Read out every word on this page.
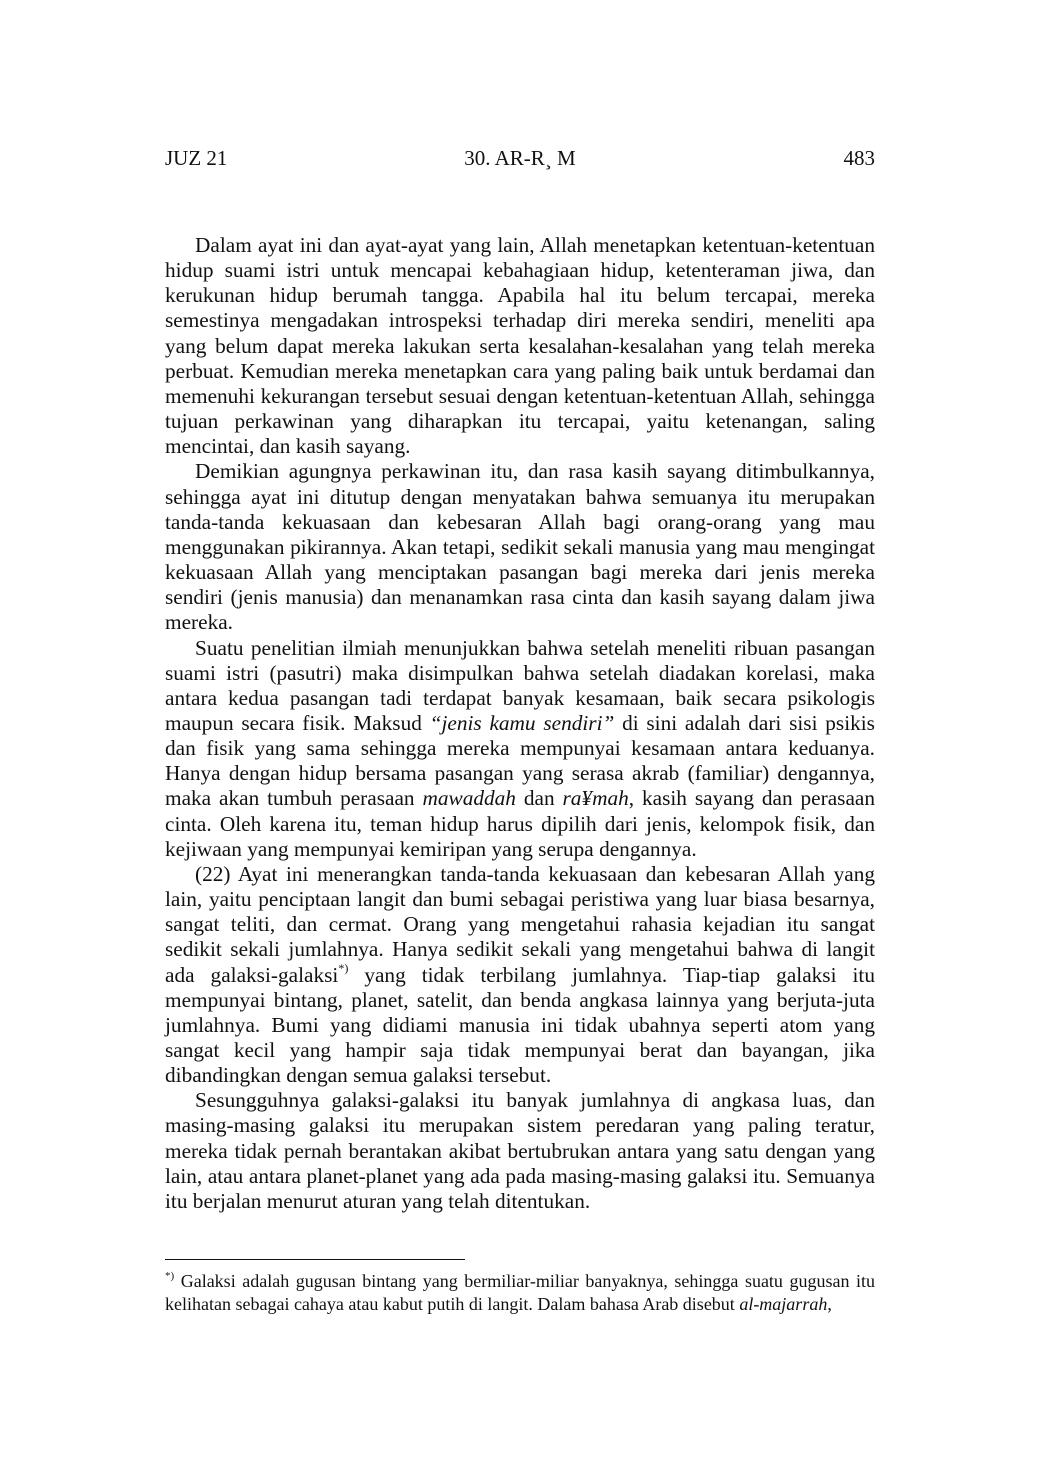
JUZ 21	30. AR-R¸ M	483

Dalam ayat ini dan ayat-ayat yang lain, Allah menetapkan ketentuan-ketentuan hidup suami istri untuk mencapai kebahagiaan hidup, ketenteraman jiwa, dan kerukunan hidup berumah tangga. Apabila hal itu belum tercapai, mereka semestinya mengadakan introspeksi terhadap diri mereka sendiri, meneliti apa yang belum dapat mereka lakukan serta kesalahan-kesalahan yang telah mereka perbuat. Kemudian mereka menetapkan cara yang paling baik untuk berdamai dan memenuhi kekurangan tersebut sesuai dengan ketentuan-ketentuan Allah, sehingga tujuan perkawinan yang diharapkan itu tercapai, yaitu ketenangan, saling mencintai, dan kasih sayang.

Demikian agungnya perkawinan itu, dan rasa kasih sayang ditimbulkannya, sehingga ayat ini ditutup dengan menyatakan bahwa semuanya itu merupakan tanda-tanda kekuasaan dan kebesaran Allah bagi orang-orang yang mau menggunakan pikirannya. Akan tetapi, sedikit sekali manusia yang mau mengingat kekuasaan Allah yang menciptakan pasangan bagi mereka dari jenis mereka sendiri (jenis manusia) dan menanamkan rasa cinta dan kasih sayang dalam jiwa mereka.

Suatu penelitian ilmiah menunjukkan bahwa setelah meneliti ribuan pasangan suami istri (pasutri) maka disimpulkan bahwa setelah diadakan korelasi, maka antara kedua pasangan tadi terdapat banyak kesamaan, baik secara psikologis maupun secara fisik. Maksud “jenis kamu sendiri” di sini adalah dari sisi psikis dan fisik yang sama sehingga mereka mempunyai kesamaan antara keduanya. Hanya dengan hidup bersama pasangan yang serasa akrab (familiar) dengannya, maka akan tumbuh perasaan mawaddah dan ra¥mah, kasih sayang dan perasaan cinta. Oleh karena itu, teman hidup harus dipilih dari jenis, kelompok fisik, dan kejiwaan yang mempunyai kemiripan yang serupa dengannya.

(22) Ayat ini menerangkan tanda-tanda kekuasaan dan kebesaran Allah yang lain, yaitu penciptaan langit dan bumi sebagai peristiwa yang luar biasa besarnya, sangat teliti, dan cermat. Orang yang mengetahui rahasia kejadian itu sangat sedikit sekali jumlahnya. Hanya sedikit sekali yang mengetahui bahwa di langit ada galaksi-galaksi*) yang tidak terbilang jumlahnya. Tiap-tiap galaksi itu mempunyai bintang, planet, satelit, dan benda angkasa lainnya yang berjuta-juta jumlahnya. Bumi yang didiami manusia ini tidak ubahnya seperti atom yang sangat kecil yang hampir saja tidak mempunyai berat dan bayangan, jika dibandingkan dengan semua galaksi tersebut.

Sesungguhnya galaksi-galaksi itu banyak jumlahnya di angkasa luas, dan masing-masing galaksi itu merupakan sistem peredaran yang paling teratur, mereka tidak pernah berantakan akibat bertubrukan antara yang satu dengan yang lain, atau antara planet-planet yang ada pada masing-masing galaksi itu. Semuanya itu berjalan menurut aturan yang telah ditentukan.

*) Galaksi adalah gugusan bintang yang bermiliar-miliar banyaknya, sehingga suatu gugusan itu kelihatan sebagai cahaya atau kabut putih di langit. Dalam bahasa Arab disebut al-majarrah,
